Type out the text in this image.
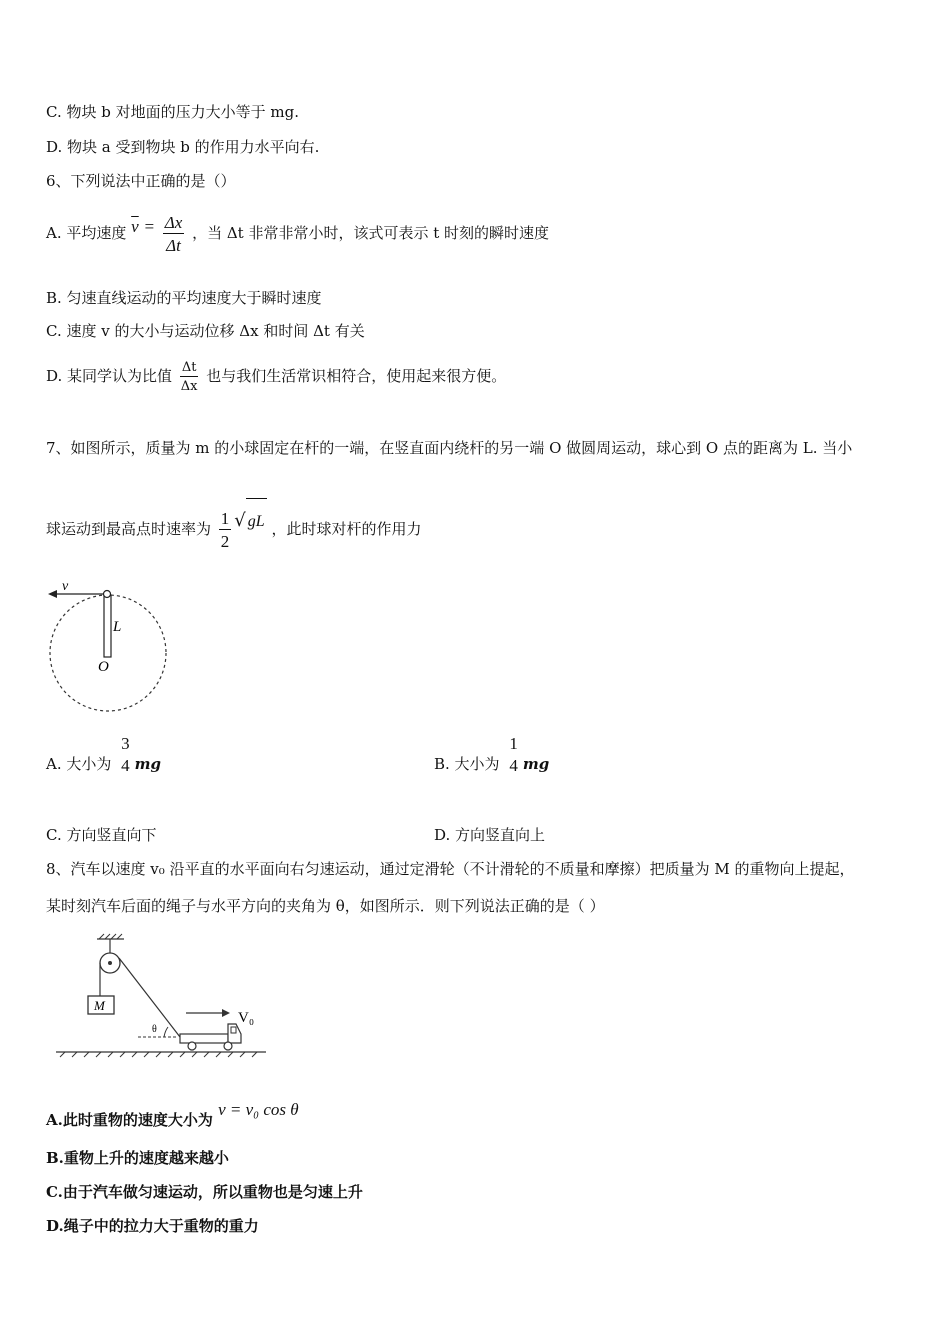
C. 物块 b 对地面的压力大小等于 mg.
D. 物块 a 受到物块 b 的作用力水平向右.
6、下列说法中正确的是（）
A. 平均速度 $\overline{v} = \frac{\Delta x}{\Delta t}$ ，当 Δt 非常非常小时，该式可表示 t 时刻的瞬时速度
B. 匀速直线运动的平均速度大于瞬时速度
C. 速度 v 的大小与运动位移 Δx 和时间 Δt 有关
D. 某同学认为比值 $\frac{\Delta t}{\Delta x}$ 也与我们生活常识相符合，使用起来很方便。
7、如图所示，质量为 m 的小球固定在杆的一端，在竖直面内绕杆的另一端 O 做圆周运动，球心到 O 点的距离为 L. 当小
球运动到最高点时速率为 $\frac{1}{2}$ √ gL ，此时球对杆的作用力
v
L
O
A. 大小为
3
4 mg	B. 大小为
1
4 mg
C. 方向竖直向下	D. 方向竖直向上
8、汽车以速度 v₀ 沿平直的水平面向右匀速运动，通过定滑轮（不计滑轮的不质量和摩擦）把质量为 M 的重物向上提起，
某时刻汽车后面的绳子与水平方向的夹角为 θ，如图所示．则下列说法正确的是（ ）
M
θ
V₀
A.此时重物的速度大小为 v = v₀ cos θ
B.重物上升的速度越来越小
C.由于汽车做匀速运动，所以重物也是匀速上升
D.绳子中的拉力大于重物的重力
